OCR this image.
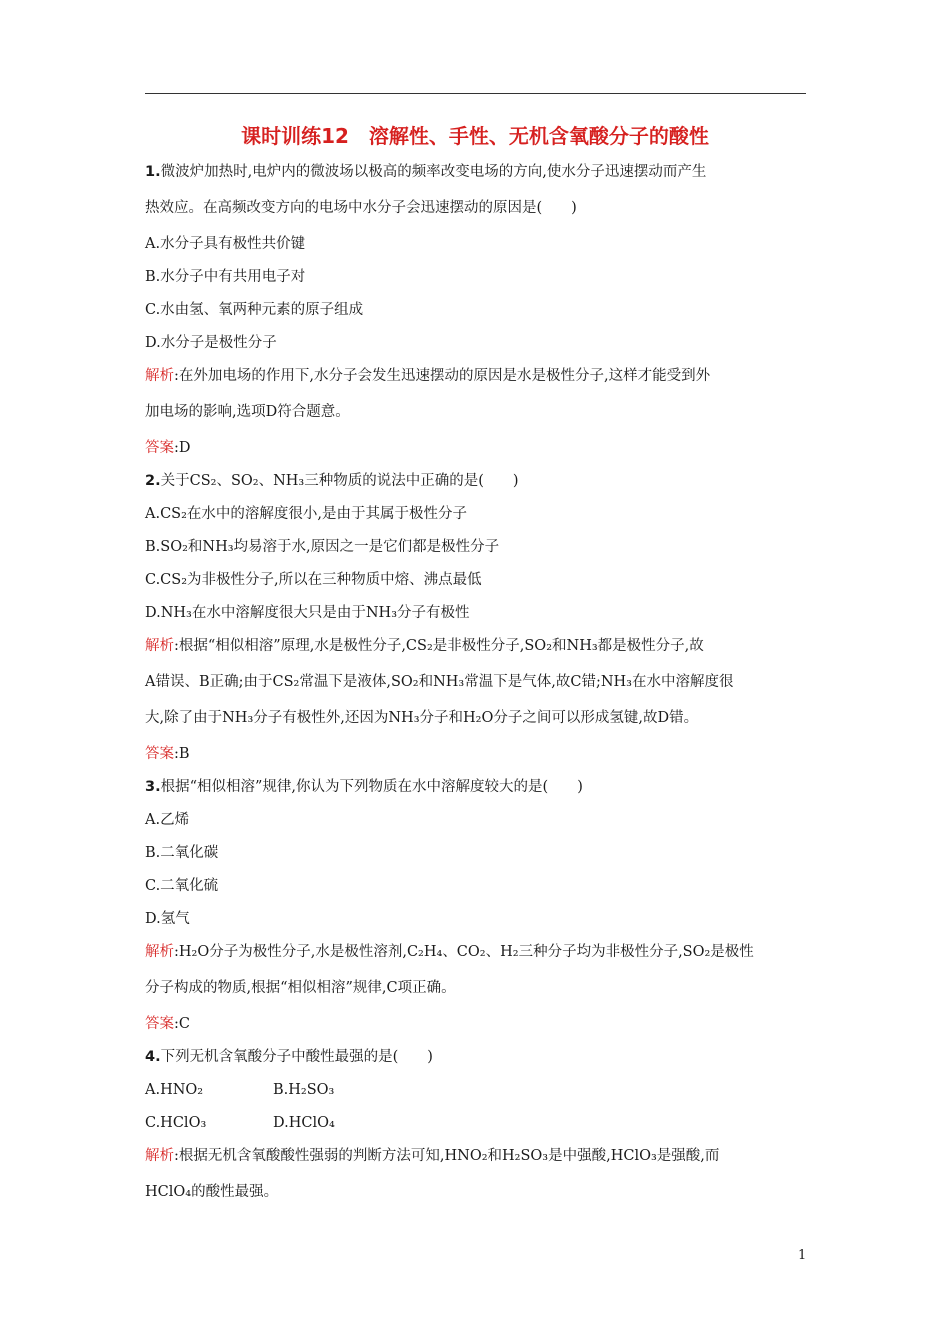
课时训练12　溶解性、手性、无机含氧酸分子的酸性
1.微波炉加热时,电炉内的微波场以极高的频率改变电场的方向,使水分子迅速摆动而产生
热效应。在高频改变方向的电场中水分子会迅速摆动的原因是(　　)
A.水分子具有极性共价键
B.水分子中有共用电子对
C.水由氢、氧两种元素的原子组成
D.水分子是极性分子
解析:在外加电场的作用下,水分子会发生迅速摆动的原因是水是极性分子,这样才能受到外
加电场的影响,选项D符合题意。
答案:D
2.关于CS₂、SO₂、NH₃三种物质的说法中正确的是(　　)
A.CS₂在水中的溶解度很小,是由于其属于极性分子
B.SO₂和NH₃均易溶于水,原因之一是它们都是极性分子
C.CS₂为非极性分子,所以在三种物质中熔、沸点最低
D.NH₃在水中溶解度很大只是由于NH₃分子有极性
解析:根据“相似相溶”原理,水是极性分子,CS₂是非极性分子,SO₂和NH₃都是极性分子,故
A错误、B正确;由于CS₂常温下是液体,SO₂和NH₃常温下是气体,故C错;NH₃在水中溶解度很
大,除了由于NH₃分子有极性外,还因为NH₃分子和H₂O分子之间可以形成氢键,故D错。
答案:B
3.根据“相似相溶”规律,你认为下列物质在水中溶解度较大的是(　　)
A.乙烯
B.二氧化碳
C.二氧化硫
D.氢气
解析:H₂O分子为极性分子,水是极性溶剂,C₂H₄、CO₂、H₂三种分子均为非极性分子,SO₂是极性
分子构成的物质,根据“相似相溶”规律,C项正确。
答案:C
4.下列无机含氧酸分子中酸性最强的是(　　)
A.HNO₂	B.H₂SO₃
C.HClO₃	D.HClO₄
解析:根据无机含氧酸酸性强弱的判断方法可知,HNO₂和H₂SO₃是中强酸,HClO₃是强酸,而
HClO₄的酸性最强。
1
